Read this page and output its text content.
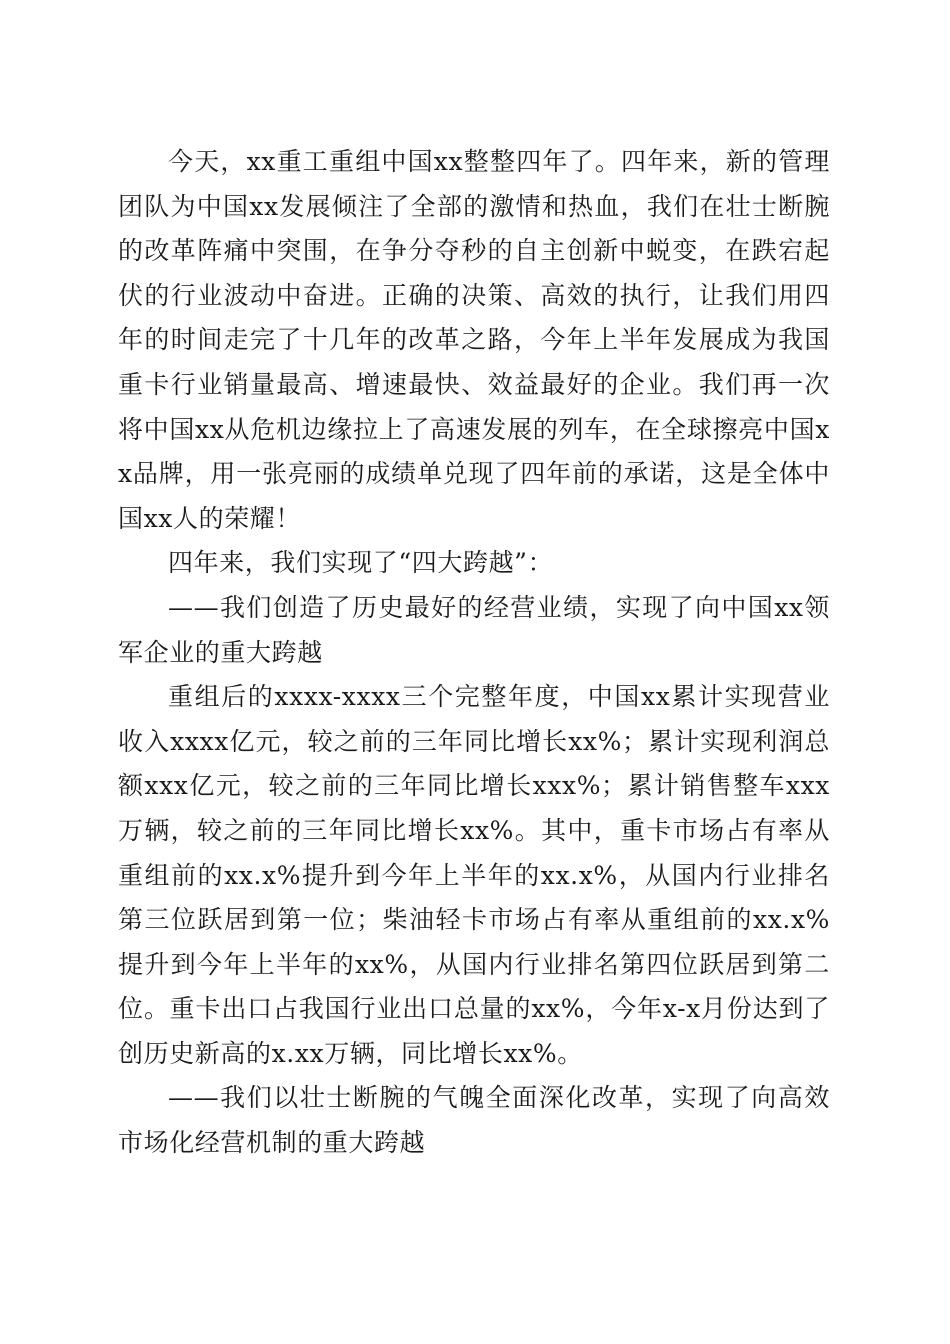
今天，xx重工重组中国xx整整四年了。四年来，新的管理团队为中国xx发展倾注了全部的激情和热血，我们在壮士断腕的改革阵痛中突围，在争分夺秒的自主创新中蜕变，在跌宕起伏的行业波动中奋进。正确的决策、高效的执行，让我们用四年的时间走完了十几年的改革之路，今年上半年发展成为我国重卡行业销量最高、增速最快、效益最好的企业。我们再一次将中国xx从危机边缘拉上了高速发展的列车，在全球擦亮中国xx品牌，用一张亮丽的成绩单兑现了四年前的承诺，这是全体中国xx人的荣耀！

四年来，我们实现了“四大跨越”：

——我们创造了历史最好的经营业绩，实现了向中国xx领军企业的重大跨越

重组后的xxxx-xxxx三个完整年度，中国xx累计实现营业收入xxxx亿元，较之前的三年同比增长xx%；累计实现利润总额xxx亿元，较之前的三年同比增长xxx%；累计销售整车xxx万辆，较之前的三年同比增长xx%。其中，重卡市场占有率从重组前的xx.x%提升到今年上半年的xx.x%，从国内行业排名第三位跃居到第一位；柴油轻卡市场占有率从重组前的xx.x%提升到今年上半年的xx%，从国内行业排名第四位跃居到第二位。重卡出口占我国行业出口总量的xx%，今年x-x月份达到了创历史新高的x.xx万辆，同比增长xx%。

——我们以壮士断腕的气魄全面深化改革，实现了向高效市场化经营机制的重大跨越
